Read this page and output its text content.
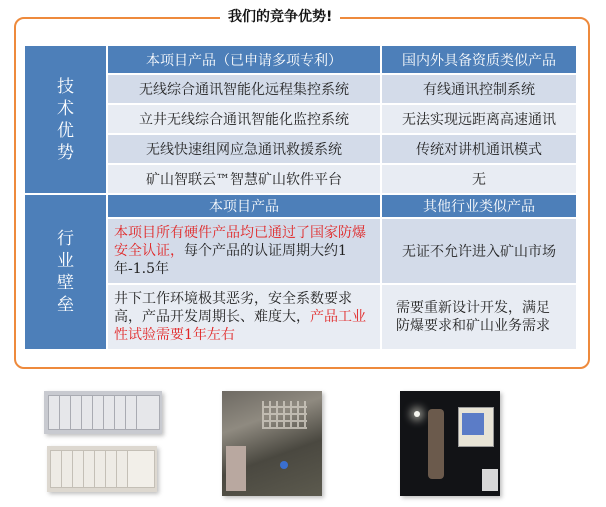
我们的竞争优势!
技
术
优
势	本项目产品（已申请多项专利）	国内外具备资质类似产品
	无线综合通讯智能化远程集控系统	有线通讯控制系统
	立井无线综合通讯智能化监控系统	无法实现远距离高速通讯
	无线快速组网应急通讯救援系统	传统对讲机通讯模式
	矿山智联云™智慧矿山软件平台	无

行
业
壁
垒	本项目产品	其他行业类似产品
	本项目所有硬件产品均已通过了国家防爆安全认证，每个产品的认证周期大约1年-1.5年	无证不允许进入矿山市场
	井下工作环境极其恶劣，安全系数要求高，产品开发周期长、难度大，产品工业性试验需要1年左右	需要重新设计开发，满足防爆要求和矿山业务需求
